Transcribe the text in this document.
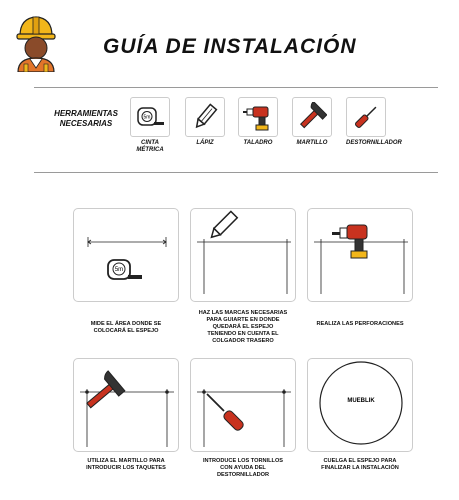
GUÍA DE INSTALACIÓN
HERRAMIENTAS
NECESARIAS
5m
CINTA
MÉTRICA
LÁPIZ	TALADRO	MARTILLO	DESTORNILLADOR
5m
MIDE EL ÁREA DONDE SE
COLOCARÁ EL ESPEJO
HAZ LAS MARCAS NECESARIAS
PARA GUIARTE EN DONDE
QUEDARÁ EL ESPEJO
TENIENDO EN CUENTA EL
COLGADOR TRASERO
REALIZA LAS PERFORACIONES
UTILIZA EL MARTILLO PARA
INTRODUCIR LOS TAQUETES
INTRODUCE LOS TORNILLOS
CON AYUDA DEL
DESTORNILLADOR
MUEBLIK
CUELGA EL ESPEJO PARA
FINALIZAR LA INSTALACIÓN
